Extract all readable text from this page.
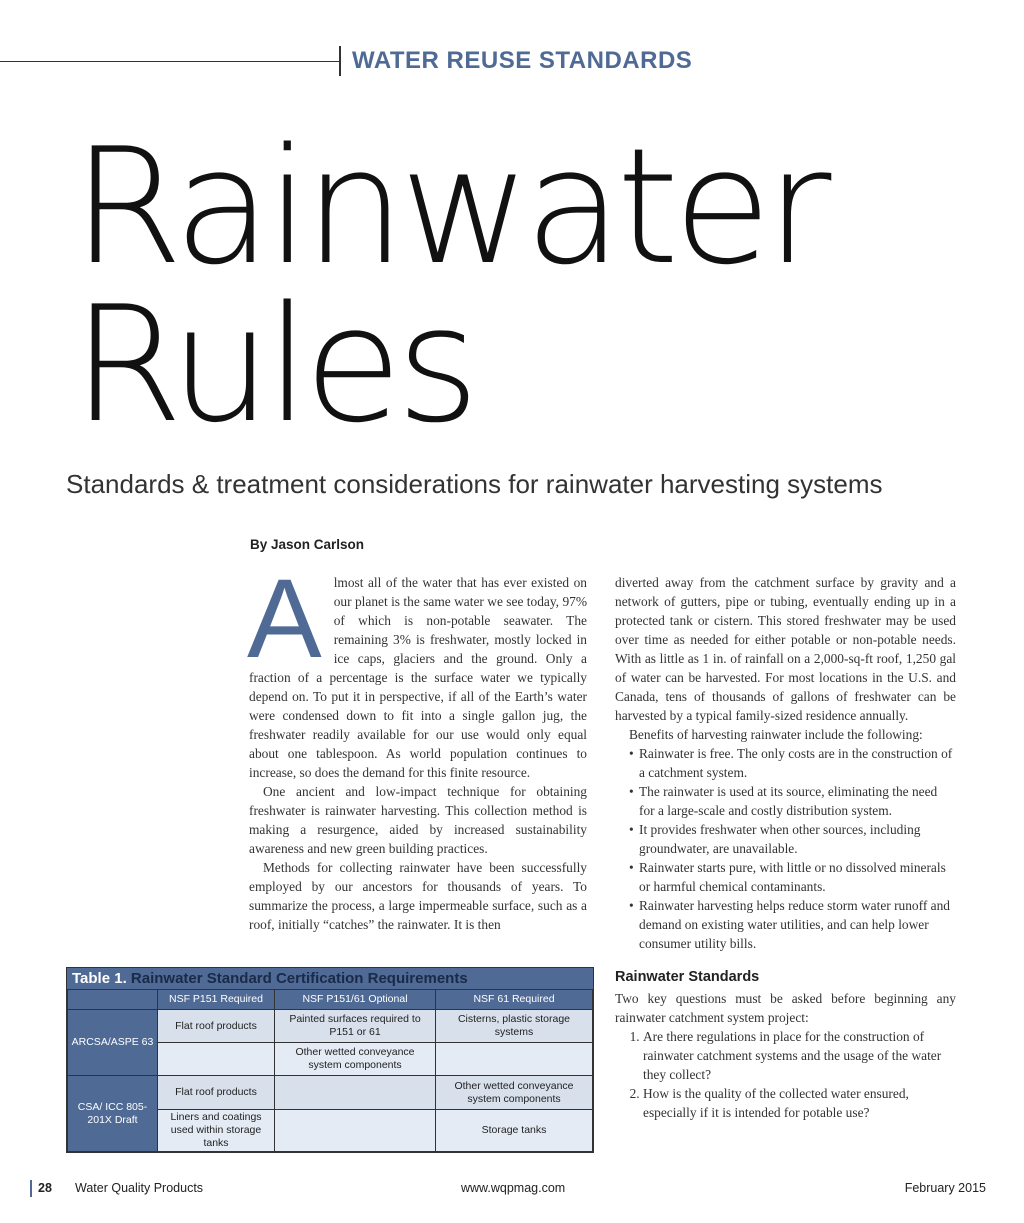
WATER REUSE STANDARDS
Rainwater
Rules
Standards & treatment considerations for rainwater harvesting systems
By Jason Carlson

Almost all of the water that has ever existed on our planet is the same water we see today, 97% of which is non-potable seawater. The remaining 3% is freshwater, mostly locked in ice caps, glaciers and the ground. Only a fraction of a percentage is the surface water we typically depend on. To put it in perspective, if all of the Earth’s water were condensed down to fit into a single gallon jug, the freshwater readily available for our use would only equal about one tablespoon. As world population continues to increase, so does the demand for this finite resource.

One ancient and low-impact technique for obtaining freshwater is rainwater harvesting. This collection method is making a resurgence, aided by increased sustainability awareness and new green building practices.

Methods for collecting rainwater have been successfully employed by our ancestors for thousands of years. To summarize the process, a large impermeable surface, such as a roof, initially “catches” the rainwater. It is then

diverted away from the catchment surface by gravity and a network of gutters, pipe or tubing, eventually ending up in a protected tank or cistern. This stored freshwater may be used over time as needed for either potable or non-potable needs. With as little as 1 in. of rainfall on a 2,000-sq-ft roof, 1,250 gal of water can be harvested. For most locations in the U.S. and Canada, tens of thousands of gallons of freshwater can be harvested by a typical family-sized residence annually.

Benefits of harvesting rainwater include the following:

• Rainwater is free. The only costs are in the construction of a catchment system.
• The rainwater is used at its source, eliminating the need for a large-scale and costly distribution system.
• It provides freshwater when other sources, including groundwater, are unavailable.
• Rainwater starts pure, with little or no dissolved minerals or harmful chemical contaminants.
• Rainwater harvesting helps reduce storm water runoff and demand on existing water utilities, and can help lower consumer utility bills.
Rainwater Standards

Two key questions must be asked before beginning any rainwater catchment system project:

1. Are there regulations in place for the construction of rainwater catchment systems and the usage of the water they collect?
2. How is the quality of the collected water ensured, especially if it is intended for potable use?
Table 1. Rainwater Standard Certification Requirements
	NSF P151 Required	NSF P151/61 Optional	NSF 61 Required
ARCSA/ASPE 63	Flat roof products	Painted surfaces required to P151 or 61	Cisterns, plastic storage systems
		Other wetted conveyance system components	
CSA/ ICC 805-201X Draft	Flat roof products		Other wetted conveyance system components
	Liners and coatings used within storage tanks		Storage tanks
28 Water Quality Products	www.wqpmag.com	February 2015
